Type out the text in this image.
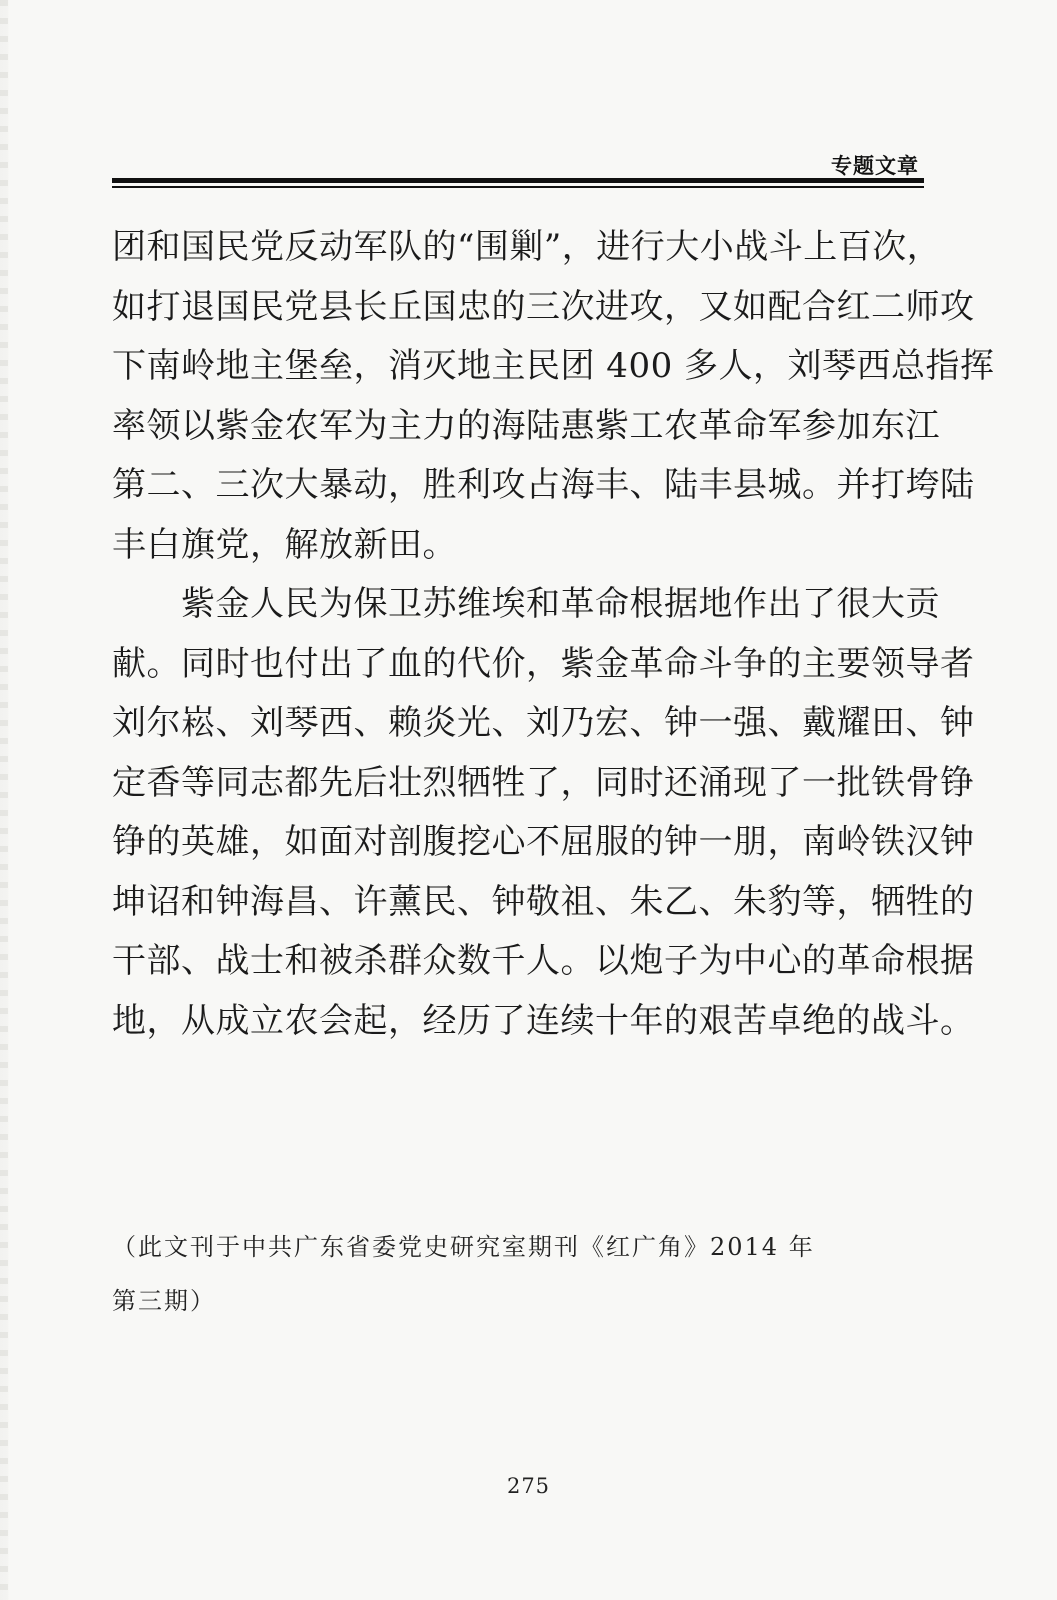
专题文章

团和国民党反动军队的“围剿”，进行大小战斗上百次，
如打退国民党县长丘国忠的三次进攻，又如配合红二师攻
下南岭地主堡垒，消灭地主民团 400 多人，刘琴西总指挥
率领以紫金农军为主力的海陆惠紫工农革命军参加东江
第二、三次大暴动，胜利攻占海丰、陆丰县城。并打垮陆
丰白旗党，解放新田。

　　紫金人民为保卫苏维埃和革命根据地作出了很大贡
献。同时也付出了血的代价，紫金革命斗争的主要领导者
刘尔崧、刘琴西、赖炎光、刘乃宏、钟一强、戴耀田、钟
定香等同志都先后壮烈牺牲了，同时还涌现了一批铁骨铮
铮的英雄，如面对剖腹挖心不屈服的钟一朋，南岭铁汉钟
坤诏和钟海昌、许薰民、钟敬祖、朱乙、朱豹等，牺牲的
干部、战士和被杀群众数千人。以炮子为中心的革命根据
地，从成立农会起，经历了连续十年的艰苦卓绝的战斗。

（此文刊于中共广东省委党史研究室期刊《红广角》2014 年
第三期）
275
